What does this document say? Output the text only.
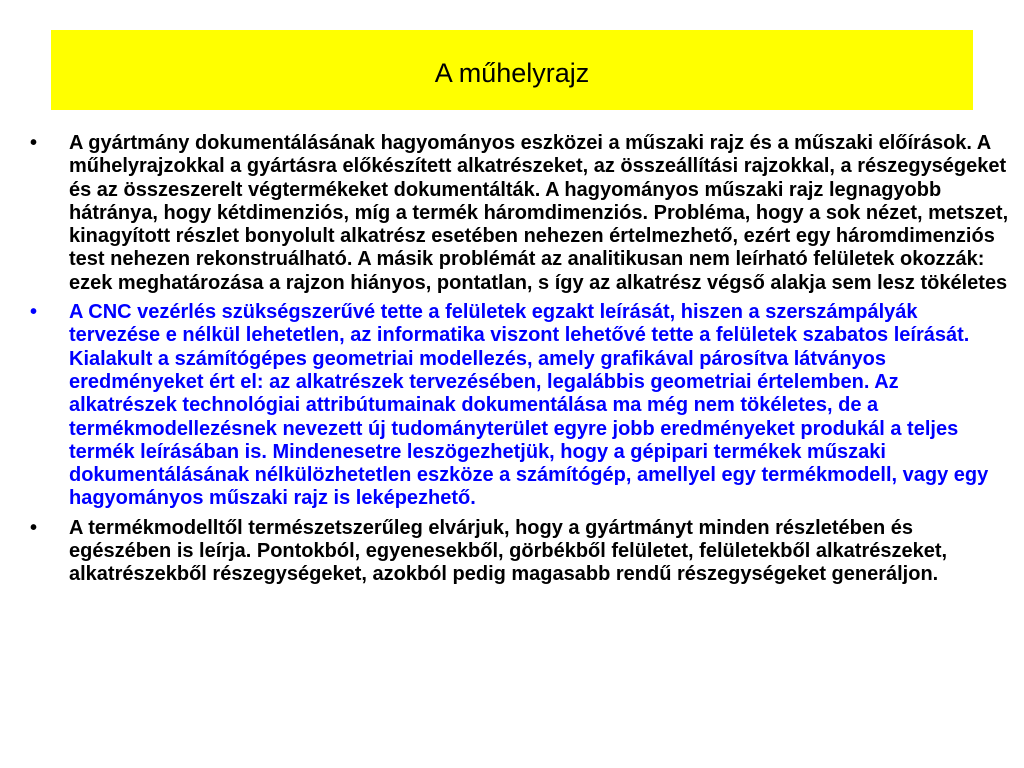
A műhelyrajz
• A gyártmány dokumentálásának hagyományos eszközei a műszaki rajz és a műszaki előírások. A műhelyrajzokkal a gyártásra előkészített alkatrészeket, az összeállítási rajzokkal, a részegységeket és az összeszerelt végtermékeket dokumentálták. A hagyományos műszaki rajz legnagyobb hátránya, hogy kétdimenziós, míg a termék háromdimenziós. Probléma, hogy a sok nézet, metszet, kinagyított részlet bonyolult alkatrész esetében nehezen értelmezhető, ezért egy háromdimenziós test nehezen rekonstruálható. A másik problémát az analitikusan nem leírható felületek okozzák: ezek meghatározása a rajzon hiányos, pontatlan, s így az alkatrész végső alakja sem lesz tökéletes
• A CNC vezérlés szükségszerűvé tette a felületek egzakt leírását, hiszen a szerszámpályák tervezése e nélkül lehetetlen, az informatika viszont lehetővé tette a felületek szabatos leírását. Kialakult a számítógépes geometriai modellezés, amely grafikával párosítva látványos eredményeket ért el: az alkatrészek tervezésében, legalábbis geometriai értelemben. Az alkatrészek technológiai attribútumainak dokumentálása ma még nem tökéletes, de a termékmodellezésnek nevezett új tudományterület egyre jobb eredményeket produkál a teljes termék leírásában is. Mindenesetre leszögezhetjük, hogy a gépipari termékek műszaki dokumentálásának nélkülözhetetlen eszköze a számítógép, amellyel egy termékmodell, vagy egy hagyományos műszaki rajz is leképezhető.
• A termékmodelltől természetszerűleg elvárjuk, hogy a gyártmányt minden részletében és egészében is leírja. Pontokból, egyenesekből, görbékből felületet, felületekből alkatrészeket, alkatrészekből részegységeket, azokból pedig magasabb rendű részegységeket generáljon.
